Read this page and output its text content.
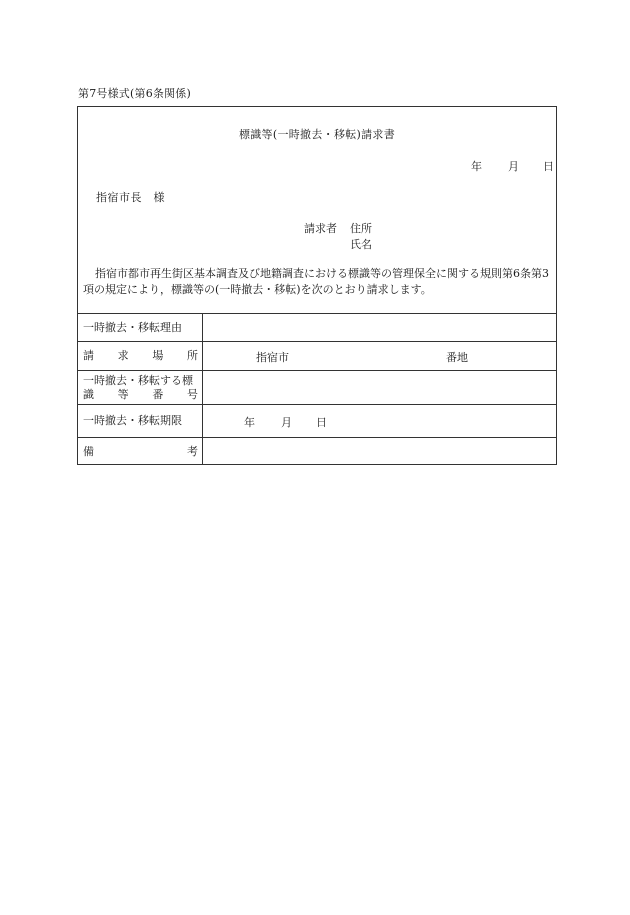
第7号様式(第6条関係)
標識等(一時撤去・移転)請求書
年 月 日
指宿市長　様
請求者 住所
氏名
指宿市都市再生街区基本調査及び地籍調査における標識等の管理保全に関する規則第6条第3項の規定により，標識等の(一時撤去・移転)を次のとおり請求します。
一時撤去・移転理由
請 求 場 所	指宿市	番地
一時撤去・移転する標
識 等 番 号
一時撤去・移転期限	年 月 日
備	考
